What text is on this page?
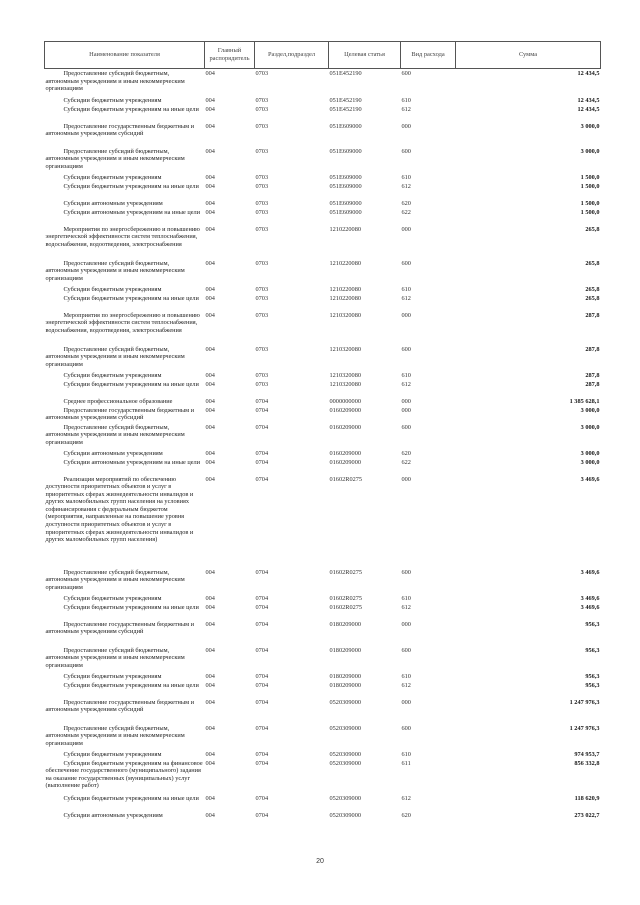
Наименование показателя	Главный распорядитель	Раздел,подраздел	Целевая статья	Вид расхода	Сумма
Предоставление субсидий бюджетным, автономным учреждениям и иным некоммерческим организациям	004	0703	051E452190	600	12 434,5
Субсидии бюджетным учреждениям	004	0703	051E452190	610	12 434,5
Субсидии бюджетным учреждениям на иные цели	004	0703	051E452190	612	12 434,5
Предоставление государственным бюджетным и автономным учреждениям субсидий	004	0703	051E609000	000	3 000,0
Предоставление субсидий бюджетным, автономным учреждениям и иным некоммерческим организациям	004	0703	051E609000	600	3 000,0
Субсидии бюджетным учреждениям	004	0703	051E609000	610	1 500,0
Субсидии бюджетным учреждениям на иные цели	004	0703	051E609000	612	1 500,0
Субсидии автономным учреждениям	004	0703	051E609000	620	1 500,0
Субсидии автономным учреждениям на иные цели	004	0703	051E609000	622	1 500,0
Мероприятия по энергосбережению и повышению энергетической эффективности систем теплоснабжения, водоснабжения, водоотведения, электроснабжения	004	0703	1210220080	000	265,8
Предоставление субсидий бюджетным, автономным учреждениям и иным некоммерческим организациям	004	0703	1210220080	600	265,8
Субсидии бюджетным учреждениям	004	0703	1210220080	610	265,8
Субсидии бюджетным учреждениям на иные цели	004	0703	1210220080	612	265,8
Мероприятия по энергосбережению и повышению энергетической эффективности систем теплоснабжения, водоснабжения, водоотведения, электроснабжения	004	0703	1210320080	000	287,8
Предоставление субсидий бюджетным, автономным учреждениям и иным некоммерческим организациям	004	0703	1210320080	600	287,8
Субсидии бюджетным учреждениям	004	0703	1210320080	610	287,8
Субсидии бюджетным учреждениям на иные цели	004	0703	1210320080	612	287,8
Среднее профессиональное образование	004	0704	0000000000	000	1 385 628,1
Предоставление государственным бюджетным и автономным учреждениям субсидий	004	0704	0160209000	000	3 000,0
Предоставление субсидий бюджетным, автономным учреждениям и иным некоммерческим организациям	004	0704	0160209000	600	3 000,0
Субсидии автономным учреждениям	004	0704	0160209000	620	3 000,0
Субсидии автономным учреждениям на иные цели	004	0704	0160209000	622	3 000,0
Реализация мероприятий по обеспечению доступности приоритетных объектов и услуг в приоритетных сферах жизнедеятельности инвалидов и других маломобильных групп населения на условиях софинансирования с федеральным бюджетом (мероприятия, направленные на повышение уровня доступности приоритетных объектов и услуг в приоритетных сферах жизнедеятельности инвалидов и других маломобильных групп населения)	004	0704	01602R0275	000	3 469,6
Предоставление субсидий бюджетным, автономным учреждениям и иным некоммерческим организациям	004	0704	01602R0275	600	3 469,6
Субсидии бюджетным учреждениям	004	0704	01602R0275	610	3 469,6
Субсидии бюджетным учреждениям на иные цели	004	0704	01602R0275	612	3 469,6
Предоставление государственным бюджетным и автономным учреждениям субсидий	004	0704	0180209000	000	956,3
Предоставление субсидий бюджетным, автономным учреждениям и иным некоммерческим организациям	004	0704	0180209000	600	956,3
Субсидии бюджетным учреждениям	004	0704	0180209000	610	956,3
Субсидии бюджетным учреждениям на иные цели	004	0704	0180209000	612	956,3
Предоставление государственным бюджетным и автономным учреждениям субсидий	004	0704	0520309000	000	1 247 976,3
Предоставление субсидий бюджетным, автономным учреждениям и иным некоммерческим организациям	004	0704	0520309000	600	1 247 976,3
Субсидии бюджетным учреждениям	004	0704	0520309000	610	974 953,7
Субсидии бюджетным учреждениям на финансовое обеспечение государственного (муниципального) задания на оказание государственных (муниципальных) услуг (выполнение работ)	004	0704	0520309000	611	856 332,8
Субсидии бюджетным учреждениям на иные цели	004	0704	0520309000	612	118 620,9
Субсидии автономным учреждениям	004	0704	0520309000	620	273 022,7
20
